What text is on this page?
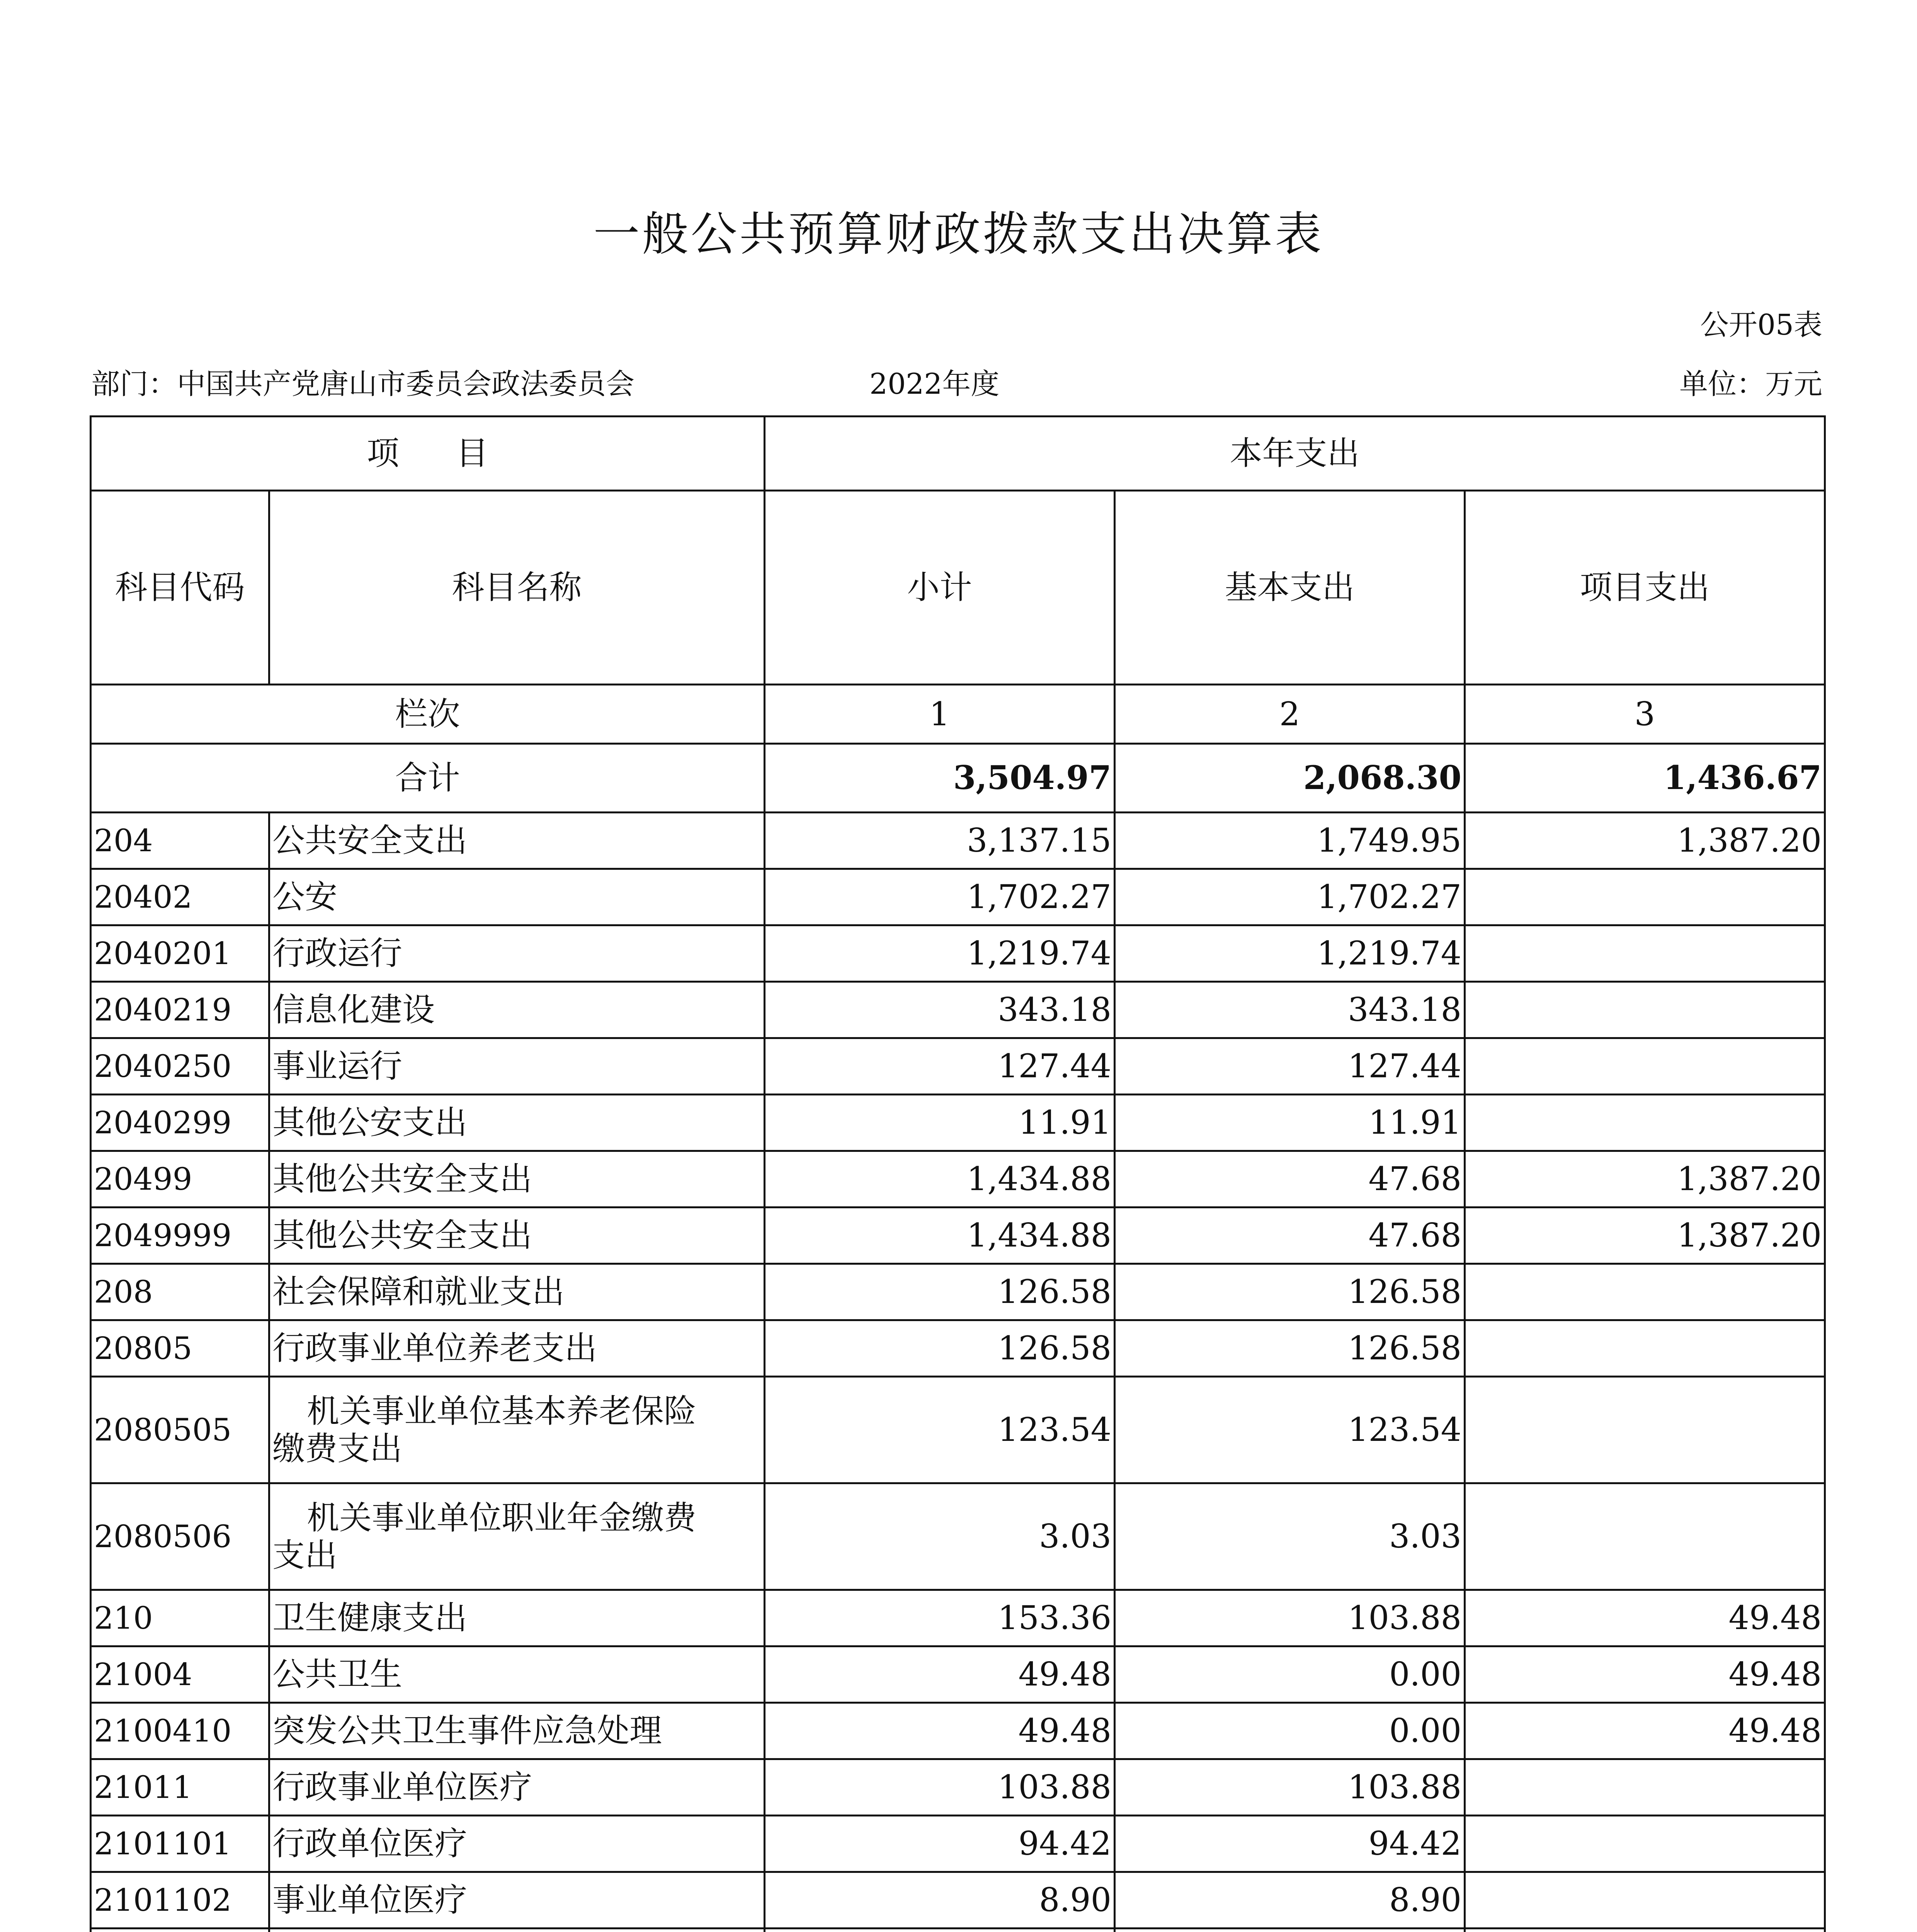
一般公共预算财政拨款支出决算表
公开05表
部门：中国共产党唐山市委员会政法委员会	2022年度	单位：万元
项 目		本年支出		
科目代码	科目名称	小计	基本支出	项目支出
栏次		1	2	3
合计		3,504.97	2,068.30	1,436.67
204	公共安全支出	3,137.15	1,749.95	1,387.20
20402	公安	1,702.27	1,702.27	
2040201	行政运行	1,219.74	1,219.74	
2040219	信息化建设	343.18	343.18	
2040250	事业运行	127.44	127.44	
2040299	其他公安支出	11.91	11.91	
20499	其他公共安全支出	1,434.88	47.68	1,387.20
2049999	其他公共安全支出	1,434.88	47.68	1,387.20
208	社会保障和就业支出	126.58	126.58	
20805	行政事业单位养老支出	126.58	126.58	
2080505	机关事业单位基本养老保险
缴费支出	123.54	123.54	
2080506	机关事业单位职业年金缴费
支出	3.03	3.03	
210	卫生健康支出	153.36	103.88	49.48
21004	公共卫生	49.48	0.00	49.48
2100410	突发公共卫生事件应急处理	49.48	0.00	49.48
21011	行政事业单位医疗	103.88	103.88	
2101101	行政单位医疗	94.42	94.42	
2101102	事业单位医疗	8.90	8.90	
